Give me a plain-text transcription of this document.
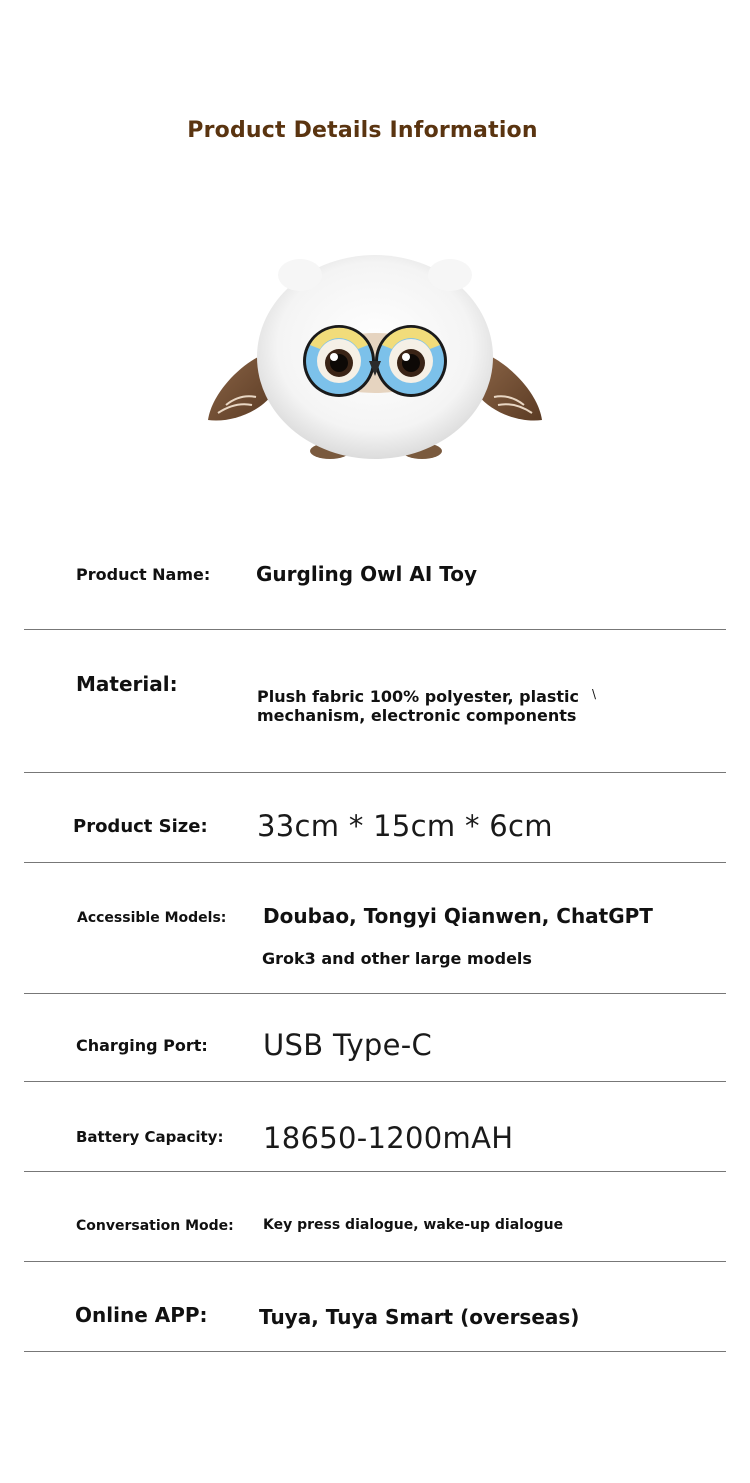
Product Details Information
Product Name: Gurgling Owl AI Toy
Material:
Plush fabric 100% polyester, plastic
mechanism, electronic components
\
Product Size: 33cm * 15cm * 6cm
Accessible Models: Doubao, Tongyi Qianwen, ChatGPT
Grok3 and other large models
Charging Port: USB Type-C
Battery Capacity: 18650-1200mAH
Conversation Mode: Key press dialogue, wake-up dialogue
Online APP:	Tuya, Tuya Smart (overseas)
